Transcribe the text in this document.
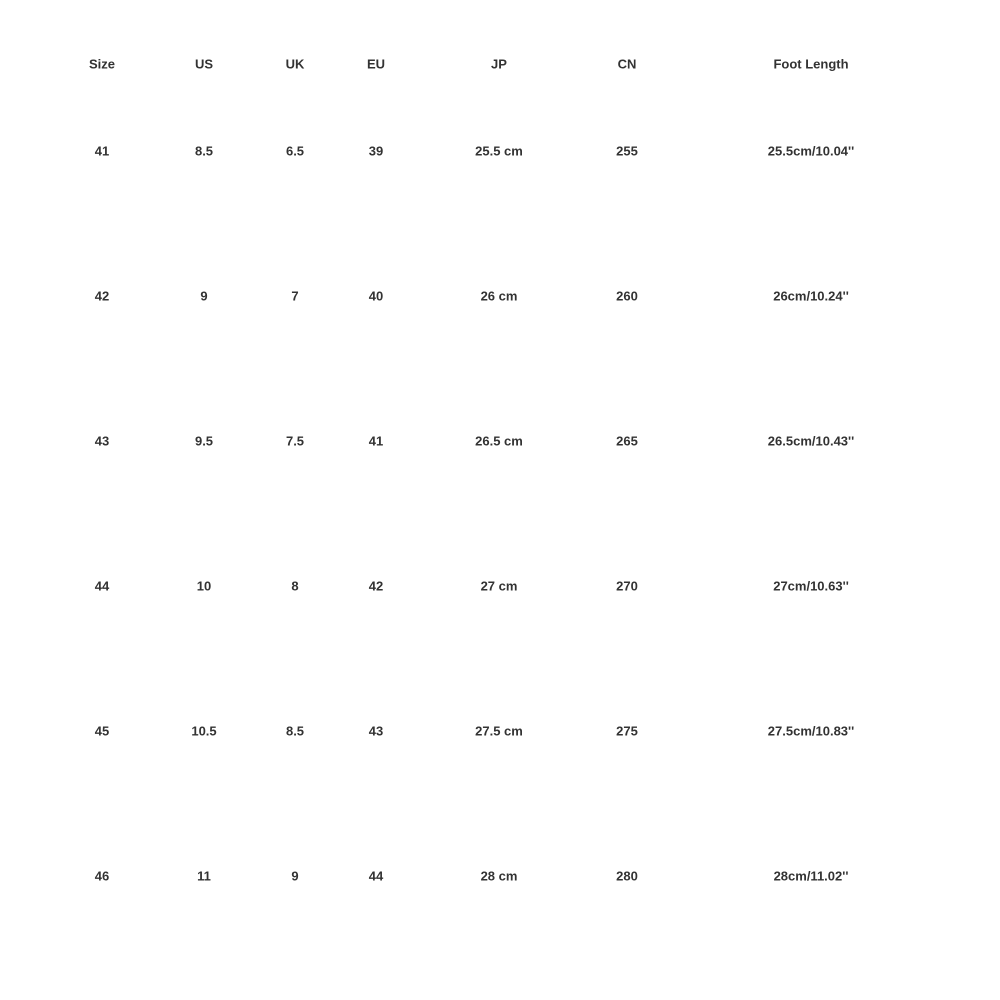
Size	US	UK	EU	JP	CN	Foot Length
41	8.5	6.5	39	25.5 cm	255	25.5cm/10.04''
42	9	7	40	26 cm	260	26cm/10.24''
43	9.5	7.5	41	26.5 cm	265	26.5cm/10.43''
44	10	8	42	27 cm	270	27cm/10.63''
45	10.5	8.5	43	27.5 cm	275	27.5cm/10.83''
46	11	9	44	28 cm	280	28cm/11.02''
